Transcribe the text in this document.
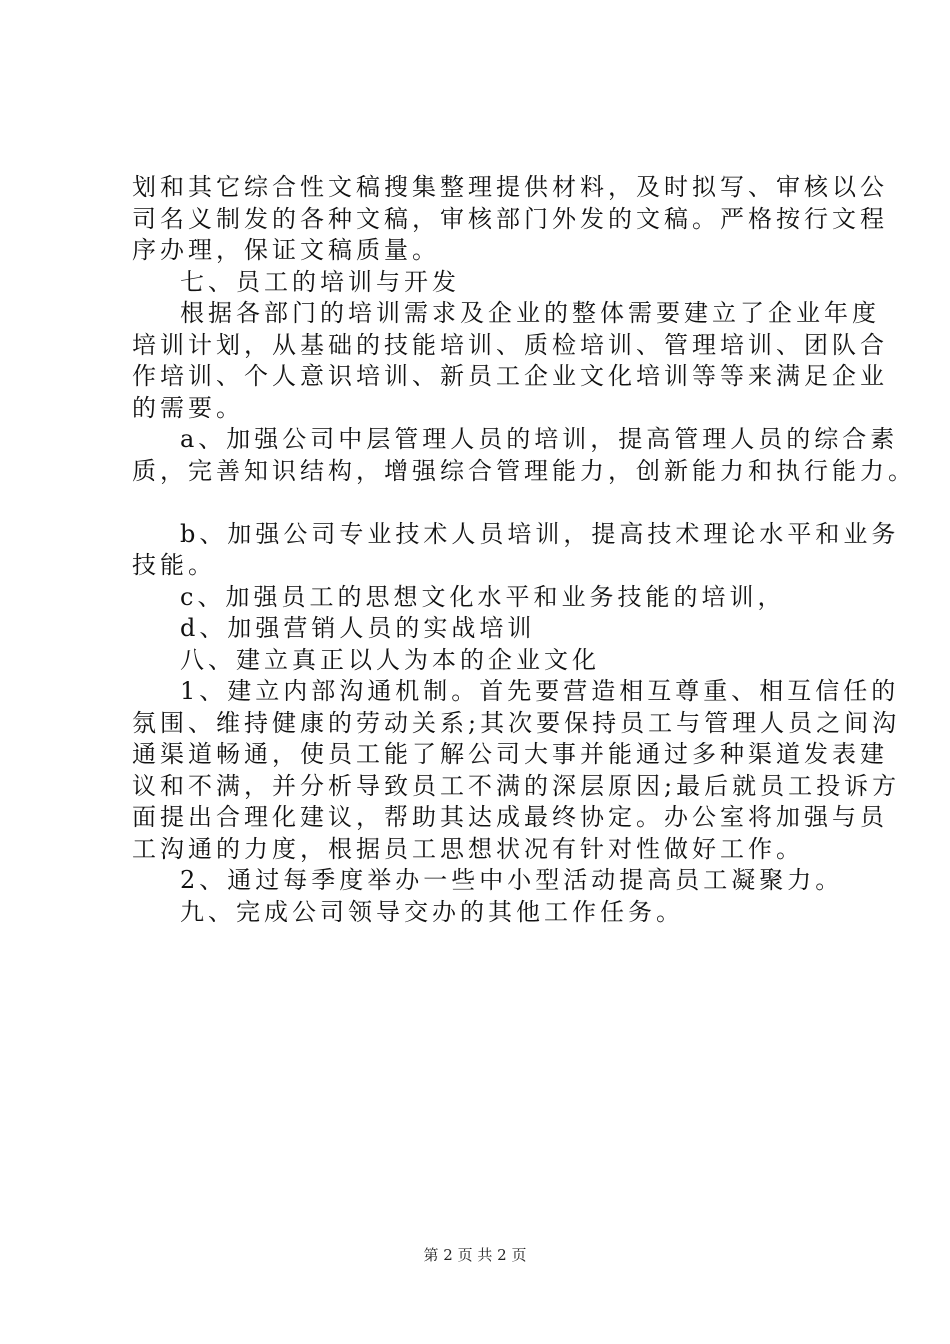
划和其它综合性文稿搜集整理提供材料，及时拟写、审核以公

司名义制发的各种文稿，审核部门外发的文稿。严格按行文程

序办理，保证文稿质量。

七、员工的培训与开发

根据各部门的培训需求及企业的整体需要建立了企业年度

培训计划，从基础的技能培训、质检培训、管理培训、团队合

作培训、个人意识培训、新员工企业文化培训等等来满足企业

的需要。

a、加强公司中层管理人员的培训，提高管理人员的综合素

质，完善知识结构，增强综合管理能力，创新能力和执行能力。

b、加强公司专业技术人员培训，提高技术理论水平和业务

技能。

c、加强员工的思想文化水平和业务技能的培训，

d、加强营销人员的实战培训

八、建立真正以人为本的企业文化

1、建立内部沟通机制。首先要营造相互尊重、相互信任的

氛围、维持健康的劳动关系;其次要保持员工与管理人员之间沟

通渠道畅通，使员工能了解公司大事并能通过多种渠道发表建

议和不满，并分析导致员工不满的深层原因;最后就员工投诉方

面提出合理化建议，帮助其达成最终协定。办公室将加强与员

工沟通的力度，根据员工思想状况有针对性做好工作。

2、通过每季度举办一些中小型活动提高员工凝聚力。

九、完成公司领导交办的其他工作任务。

第 2 页 共 2 页
